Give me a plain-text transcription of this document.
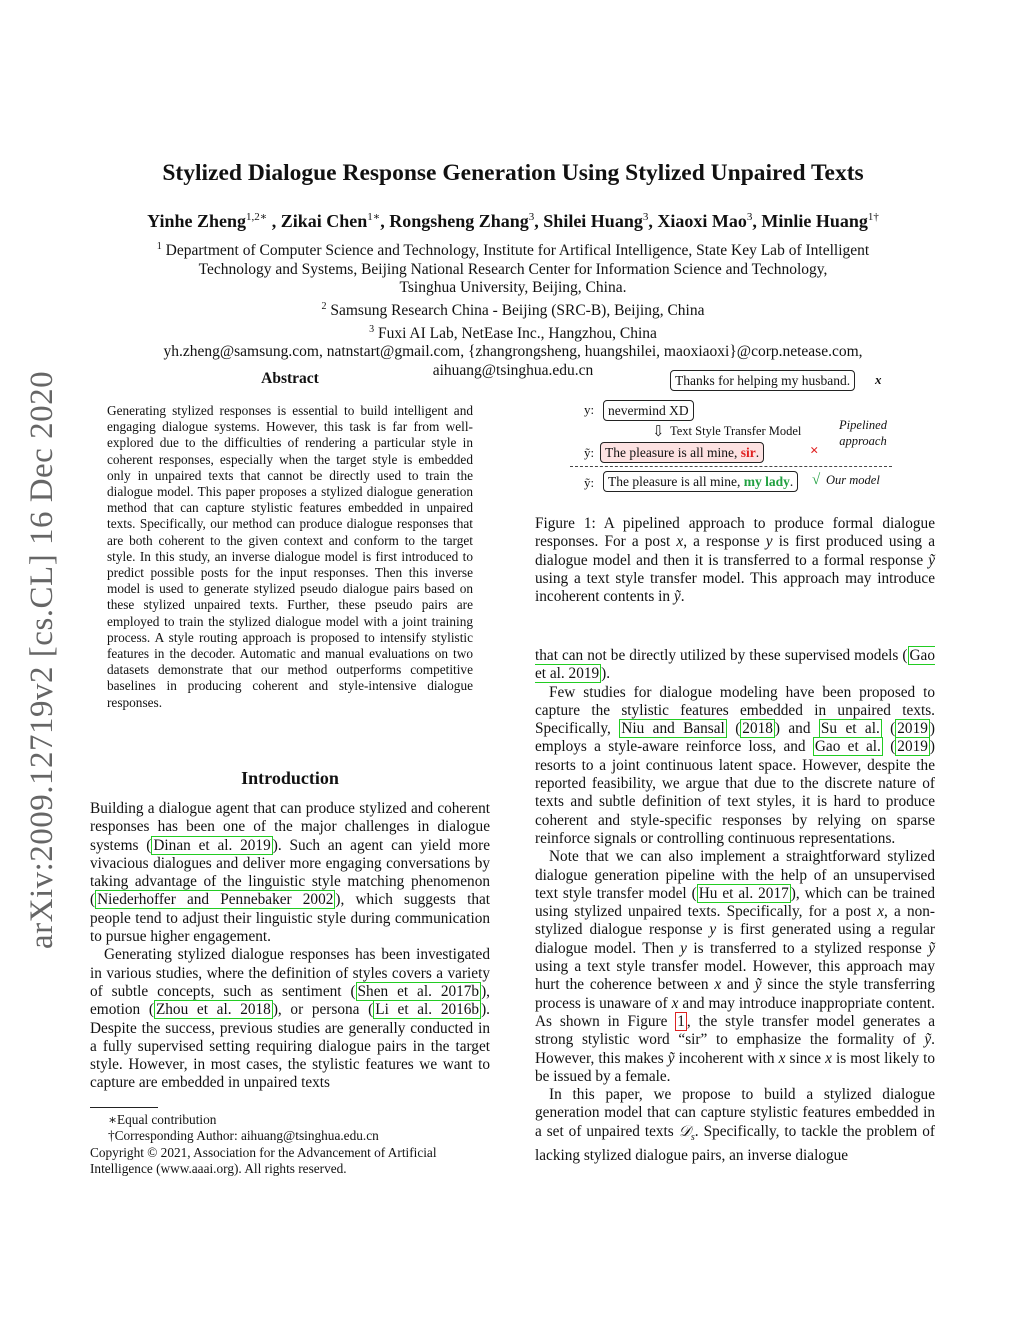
arXiv:2009.12719v2 [cs.CL] 16 Dec 2020
Stylized Dialogue Response Generation Using Stylized Unpaired Texts
Yinhe Zheng$^{1,2∗}$ , Zikai Chen$^{1∗}$, Rongsheng Zhang$^3$, Shilei Huang$^3$, Xiaoxi Mao$^3$, Minlie Huang$^{1\dagger}$
$^1$ Department of Computer Science and Technology, Institute for Artifical Intelligence, State Key Lab of Intelligent
Technology and Systems, Beijing National Research Center for Information Science and Technology,
Tsinghua University, Beijing, China.
$^2$ Samsung Research China - Beijing (SRC-B), Beijing, China
$^3$ Fuxi AI Lab, NetEase Inc., Hangzhou, China
yh.zheng@samsung.com, natnstart@gmail.com, {zhangrongsheng, huangshilei, maoxiaoxi}@corp.netease.com,
aihuang@tsinghua.edu.cn
Abstract
Generating stylized responses is essential to build intelligent and engaging dialogue systems. However, this task is far from well-explored due to the difficulties of rendering a particular style in coherent responses, especially when the target style is embedded only in unpaired texts that cannot be directly used to train the dialogue model. This paper proposes a stylized dialogue generation method that can capture stylistic features embedded in unpaired texts. Specifically, our method can produce dialogue responses that are both coherent to the given context and conform to the target style. In this study, an inverse dialogue model is first introduced to predict possible posts for the input responses. Then this inverse model is used to generate stylized pseudo dialogue pairs based on these stylized unpaired texts. Further, these pseudo pairs are employed to train the stylized dialogue model with a joint training process. A style routing approach is proposed to intensify stylistic features in the decoder. Automatic and manual evaluations on two datasets demonstrate that our method outperforms competitive baselines in producing coherent and style-intensive dialogue responses.
Introduction

Building a dialogue agent that can produce stylized and coherent responses has been one of the major challenges in dialogue systems ( Dinan et al. 2019 ). Such an agent can yield more vivacious dialogues and deliver more engaging conversations by taking advantage of the linguistic style matching phenomenon ( Niederhoffer and Pennebaker 2002 ), which suggests that people tend to adjust their linguistic style during communication to pursue higher engagement.

Generating stylized dialogue responses has been investigated in various studies, where the definition of styles covers a variety of subtle concepts, such as sentiment ( Shen et al. 2017b ), emotion ( Zhou et al. 2018 ), or persona ( Li et al. 2016b ). Despite the success, previous studies are generally conducted in a fully supervised setting requiring dialogue pairs in the target style. However, in most cases, the stylistic features we want to capture are embedded in unpaired texts

∗Equal contribution

†Corresponding Author: aihuang@tsinghua.edu.cn

Copyright © 2021, Association for the Advancement of Artificial Intelligence (www.aaai.org). All rights reserved.

Thanks for helping my husband.	x
y:	nevermind XD
⇩ Text Style Transfer Model	Pipelined approach
ỹ: The pleasure is all mine, sir.	×
ỹ:	The pleasure is all mine, my lady.	√ Our model
Figure 1: A pipelined approach to produce formal dialogue responses. For a post x, a response y is first produced using a dialogue model and then it is transferred to a formal response ỹ using a text style transfer model. This approach may introduce incoherent contents in ỹ.

that can not be directly utilized by these supervised models ( Gao et al. 2019 ).

Few studies for dialogue modeling have been proposed to capture the stylistic features embedded in unpaired texts. Specifically, Niu and Bansal ( 2018 ) and Su et al. ( 2019 ) employs a style-aware reinforce loss, and Gao et al. ( 2019 ) resorts to a joint continuous latent space. However, despite the reported feasibility, we argue that due to the discrete nature of texts and subtle definition of text styles, it is hard to produce coherent and style-specific responses by relying on sparse reinforce signals or controlling continuous representations.

Note that we can also implement a straightforward stylized dialogue generation pipeline with the help of an unsupervised text style transfer model ( Hu et al. 2017 ), which can be trained using stylized unpaired texts. Specifically, for a post x, a non-stylized dialogue response y is first generated using a regular dialogue model. Then y is transferred to a stylized response ỹ using a text style transfer model. However, this approach may hurt the coherence between x and ỹ since the style transferring process is unaware of x and may introduce inappropriate content. As shown in Figure 1 , the style transfer model generates a strong stylistic word “sir” to emphasize the formality of ỹ. However, this makes ỹ incoherent with x since x is most likely to be issued by a female.

In this paper, we propose to build a stylized dialogue generation model that can capture stylistic features embedded in a set of unpaired texts 𝒟$_s$. Specifically, to tackle the problem of lacking stylized dialogue pairs, an inverse dialogue
